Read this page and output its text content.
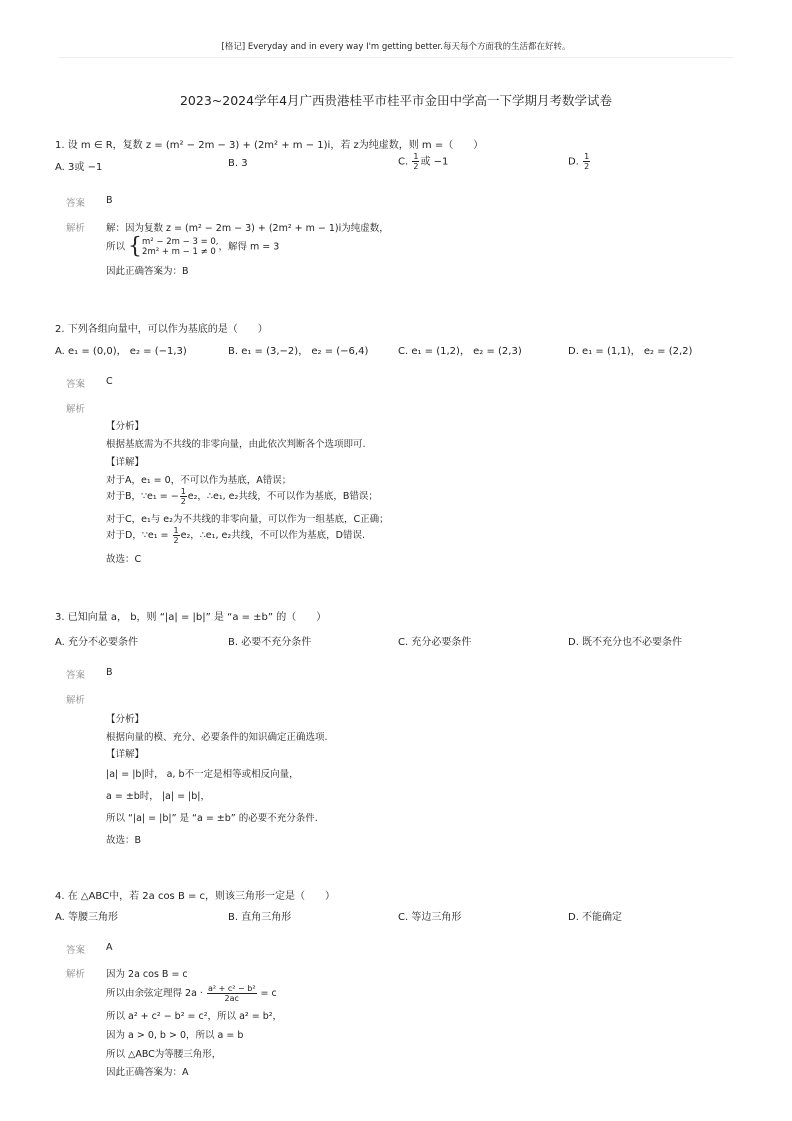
[格记] Everyday and in every way I'm getting better.每天每个方面我的生活都在好转。
2023~2024学年4月广西贵港桂平市桂平市金田中学高一下学期月考数学试卷
1. 设 m ∈ R，复数 z = (m² − 2m − 3) + (2m² + m − 1)i，若 z为纯虚数，则 m =（　　）
A. 3或 −1	B. 3	C. $\frac{1}{2}$ 或 −1	D. $\frac{1}{2}$
答案 B
解析 解：因为复数 z = (m² − 2m − 3) + (2m² + m − 1)i为纯虚数，
所以 { m² − 2m − 3 = 0,
2m² + m − 1 ≠ 0 ，解得 m = 3
因此正确答案为：B
2. 下列各组向量中，可以作为基底的是（　　）
A. e₁ = (0,0)， e₂ = (−1,3)	B. e₁ = (3,−2)， e₂ = (−6,4)	C. e₁ = (1,2)， e₂ = (2,3)	D. e₁ = (1,1)， e₂ = (2,2)
答案 C
解析
【分析】
根据基底需为不共线的非零向量，由此依次判断各个选项即可.
【详解】
对于A，e₁ = 0，不可以作为基底，A错误；
对于B，∵e₁ = − $\frac{1}{2} e_2$，∴e₁, e₂共线，不可以作为基底，B错误；
对于C，e₁与 e₂为不共线的非零向量，可以作为一组基底，C正确；
对于D，∵e₁ = $\frac{1}{2} e_2$，∴e₁, e₂共线，不可以作为基底，D错误.
故选：C
3. 已知向量 a， b，则 “|a| = |b|” 是 “a = ±b” 的（　　）
A. 充分不必要条件	B. 必要不充分条件	C. 充分必要条件	D. 既不充分也不必要条件
答案 B
解析
【分析】
根据向量的模、充分、必要条件的知识确定正确选项.
【详解】
|a| = |b|时， a, b不一定是相等或相反向量，
a = ±b时， |a| = |b|，
所以 “|a| = |b|” 是 “a = ±b” 的必要不充分条件.
故选：B
4. 在 △ABC中，若 2a cos B = c，则该三角形一定是（　　）
A. 等腰三角形	B. 直角三角形	C. 等边三角形	D. 不能确定
答案 A
解析 因为 2a cos B = c
所以由余弦定理得 $2a \cdot \frac{\text{a² + c² − b²}}{2ac} = c$
所以 a² + c² − b² = c²，所以 a² = b²，
因为 a > 0, b > 0，所以 a = b
所以 △ABC为等腰三角形，
因此正确答案为：A
